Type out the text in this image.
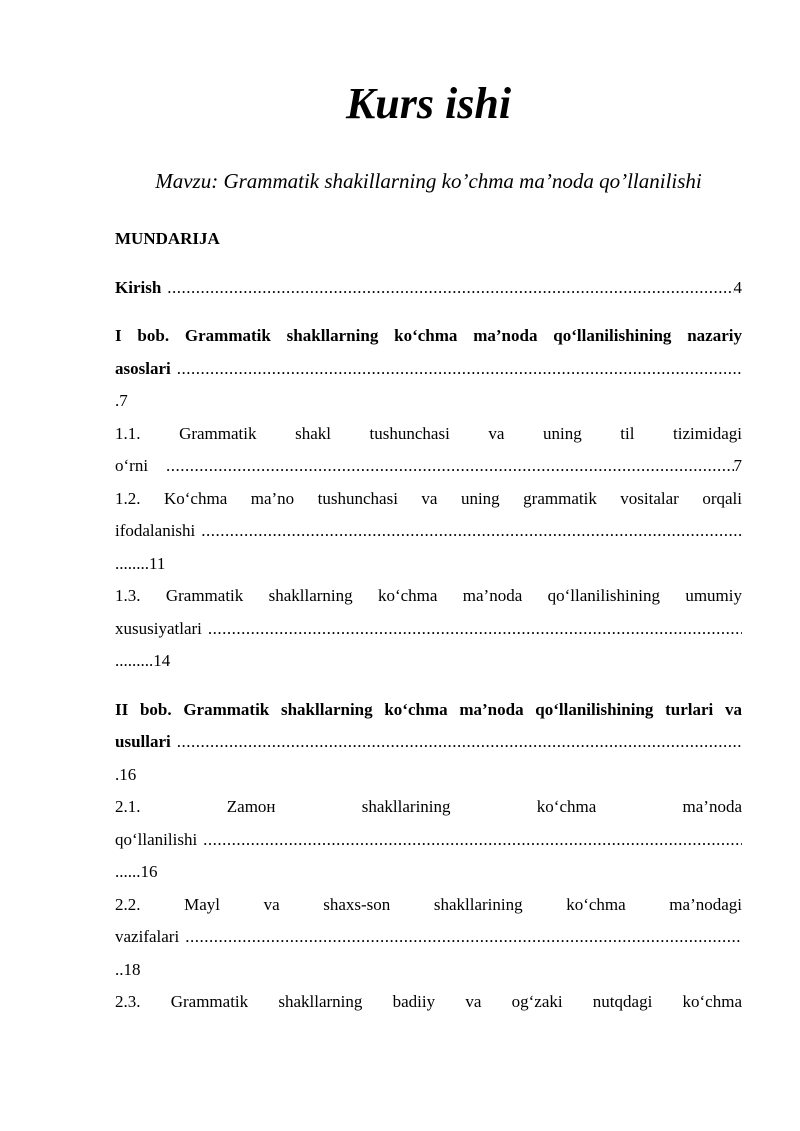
Kurs ishi

Mavzu: Grammatik shakillarning ko’chma ma’noda qo’llanilishi

MUNDARIJA
Kirish .....	4
I bob. Grammatik shakllarning ko‘chma ma’noda qo‘llanilishining nazariy
asoslari
.....
.7
1.1. Grammatik shakl tushunchasi va uning til tizimidagi
o‘rni .....	7
1.2. Ko‘chma ma’no tushunchasi va uning grammatik vositalar orqali
ifodalanishi
.....
........11
1.3. Grammatik shakllarning ko‘chma ma’noda qo‘llanilishining umumiy
xususiyatlari
.....
.........14
II bob. Grammatik shakllarning ko‘chma ma’noda qo‘llanilishining turlari va
usullari
.....
.16
2.1. Zamoн shakllarining ko‘chma ma’noda
qo‘llanilishi
.....
......16
2.2. Mayl va shaxs-son shakllarining ko‘chma ma’nodagi
vazifalari
.....
..18
2.3. Grammatik shakllarning badiiy va og‘zaki nutqdagi ko‘chma
